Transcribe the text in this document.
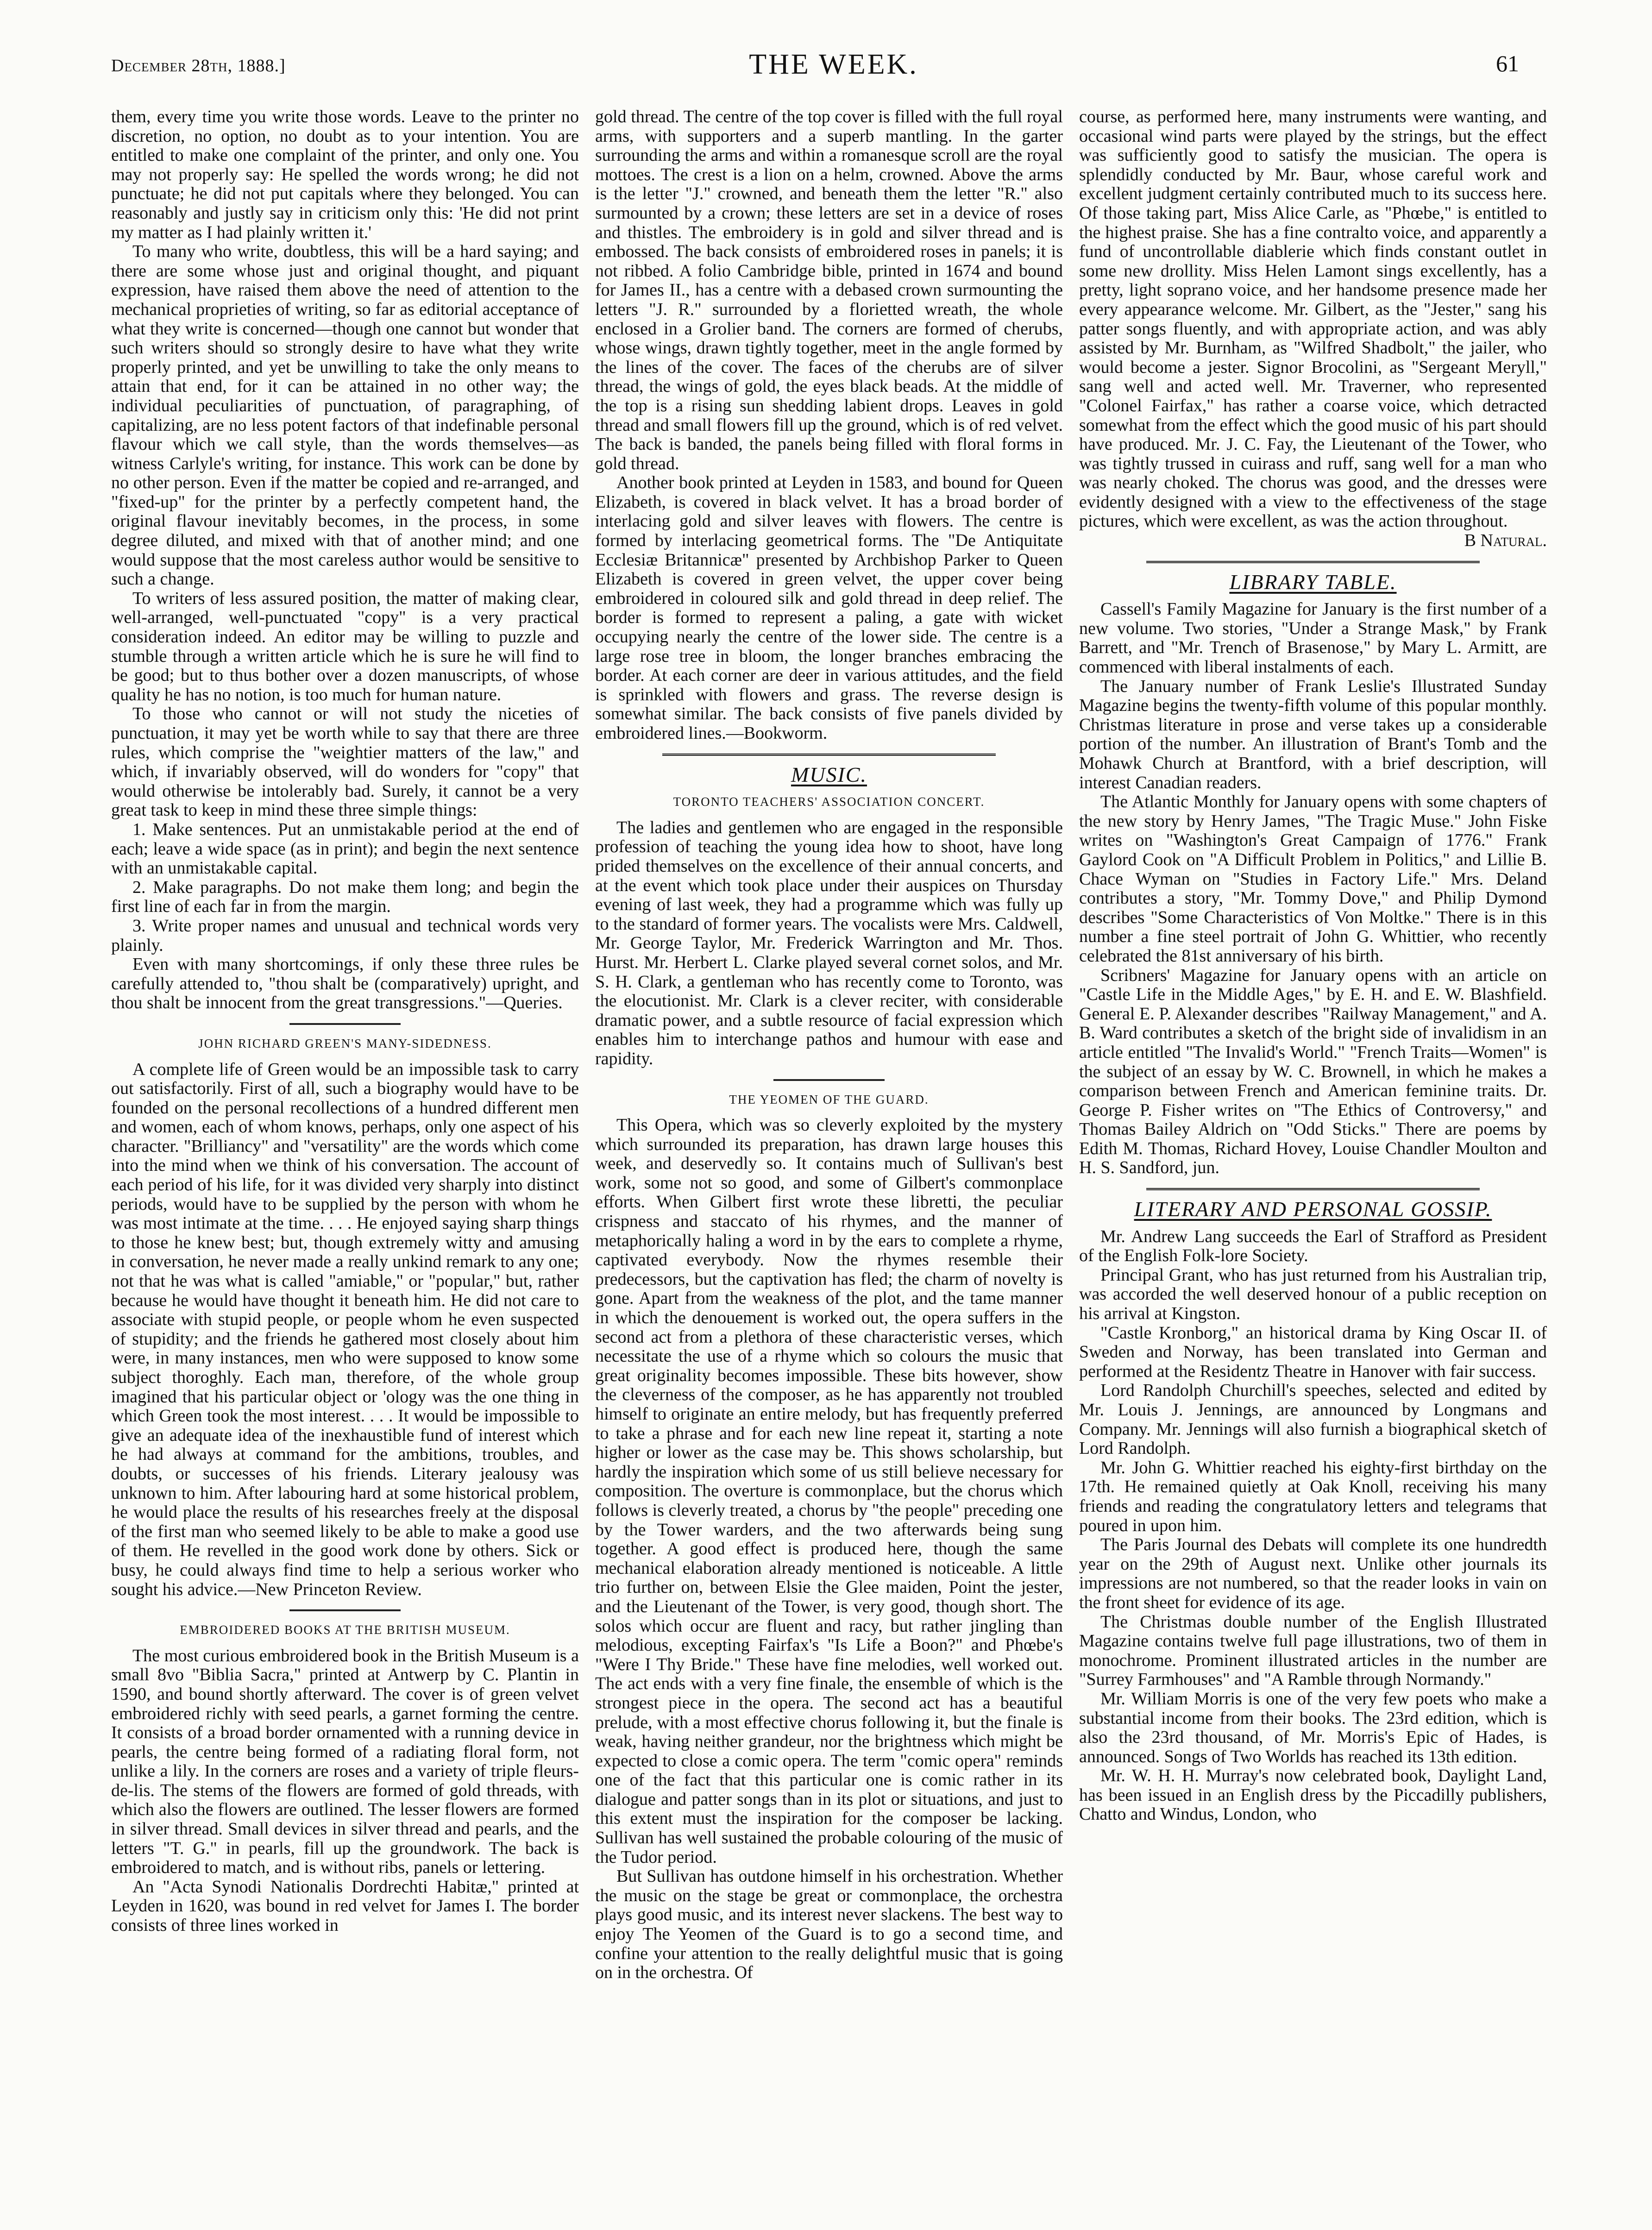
December 28th, 1888.]	THE WEEK.	61

them, every time you write those words. Leave to the printer no discretion, no option, no doubt as to your intention. You are entitled to make one complaint of the printer, and only one. You may not properly say: He spelled the words wrong; he did not punctuate; he did not put capitals where they belonged. You can reasonably and justly say in criticism only this: 'He did not print my matter as I had plainly written it.'

To many who write, doubtless, this will be a hard saying; and there are some whose just and original thought, and piquant expression, have raised them above the need of attention to the mechanical proprieties of writing, so far as editorial acceptance of what they write is concerned—though one cannot but wonder that such writers should so strongly desire to have what they write properly printed, and yet be unwilling to take the only means to attain that end, for it can be attained in no other way; the individual peculiarities of punctuation, of paragraphing, of capitalizing, are no less potent factors of that indefinable personal flavour which we call style, than the words themselves—as witness Carlyle's writing, for instance. This work can be done by no other person. Even if the matter be copied and re-arranged, and "fixed-up" for the printer by a perfectly competent hand, the original flavour inevitably becomes, in the process, in some degree diluted, and mixed with that of another mind; and one would suppose that the most careless author would be sensitive to such a change.

To writers of less assured position, the matter of making clear, well-arranged, well-punctuated "copy" is a very practical consideration indeed. An editor may be willing to puzzle and stumble through a written article which he is sure he will find to be good; but to thus bother over a dozen manuscripts, of whose quality he has no notion, is too much for human nature.

To those who cannot or will not study the niceties of punctuation, it may yet be worth while to say that there are three rules, which comprise the "weightier matters of the law," and which, if invariably observed, will do wonders for "copy" that would otherwise be intolerably bad. Surely, it cannot be a very great task to keep in mind these three simple things:

1. Make sentences. Put an unmistakable period at the end of each; leave a wide space (as in print); and begin the next sentence with an unmistakable capital.

2. Make paragraphs. Do not make them long; and begin the first line of each far in from the margin.

3. Write proper names and unusual and technical words very plainly.

Even with many shortcomings, if only these three rules be carefully attended to, "thou shalt be (comparatively) upright, and thou shalt be innocent from the great transgressions."—Queries.

JOHN RICHARD GREEN'S MANY-SIDEDNESS.

A complete life of Green would be an impossible task to carry out satisfactorily. First of all, such a biography would have to be founded on the personal recollections of a hundred different men and women, each of whom knows, perhaps, only one aspect of his character. "Brilliancy" and "versatility" are the words which come into the mind when we think of his conversation. The account of each period of his life, for it was divided very sharply into distinct periods, would have to be supplied by the person with whom he was most intimate at the time. . . . He enjoyed saying sharp things to those he knew best; but, though extremely witty and amusing in conversation, he never made a really unkind remark to any one; not that he was what is called "amiable," or "popular," but, rather because he would have thought it beneath him. He did not care to associate with stupid people, or people whom he even suspected of stupidity; and the friends he gathered most closely about him were, in many instances, men who were supposed to know some subject thoroghly. Each man, therefore, of the whole group imagined that his particular object or 'ology was the one thing in which Green took the most interest. . . . It would be impossible to give an adequate idea of the inexhaustible fund of interest which he had always at command for the ambitions, troubles, and doubts, or successes of his friends. Literary jealousy was unknown to him. After labouring hard at some historical problem, he would place the results of his researches freely at the disposal of the first man who seemed likely to be able to make a good use of them. He revelled in the good work done by others. Sick or busy, he could always find time to help a serious worker who sought his advice.—New Princeton Review.

EMBROIDERED BOOKS AT THE BRITISH MUSEUM.

The most curious embroidered book in the British Museum is a small 8vo "Biblia Sacra," printed at Antwerp by C. Plantin in 1590, and bound shortly afterward. The cover is of green velvet embroidered richly with seed pearls, a garnet forming the centre. It consists of a broad border ornamented with a running device in pearls, the centre being formed of a radiating floral form, not unlike a lily. In the corners are roses and a variety of triple fleurs-de-lis. The stems of the flowers are formed of gold threads, with which also the flowers are outlined. The lesser flowers are formed in silver thread. Small devices in silver thread and pearls, and the letters "T. G." in pearls, fill up the groundwork. The back is embroidered to match, and is without ribs, panels or lettering.

An "Acta Synodi Nationalis Dordrechti Habitæ," printed at Leyden in 1620, was bound in red velvet for James I. The border consists of three lines worked in

gold thread. The centre of the top cover is filled with the full royal arms, with supporters and a superb mantling. In the garter surrounding the arms and within a romanesque scroll are the royal mottoes. The crest is a lion on a helm, crowned. Above the arms is the letter "J." crowned, and beneath them the letter "R." also surmounted by a crown; these letters are set in a device of roses and thistles. The embroidery is in gold and silver thread and is embossed. The back consists of embroidered roses in panels; it is not ribbed. A folio Cambridge bible, printed in 1674 and bound for James II., has a centre with a debased crown surmounting the letters "J. R." surrounded by a florietted wreath, the whole enclosed in a Grolier band. The corners are formed of cherubs, whose wings, drawn tightly together, meet in the angle formed by the lines of the cover. The faces of the cherubs are of silver thread, the wings of gold, the eyes black beads. At the middle of the top is a rising sun shedding labient drops. Leaves in gold thread and small flowers fill up the ground, which is of red velvet. The back is banded, the panels being filled with floral forms in gold thread.

Another book printed at Leyden in 1583, and bound for Queen Elizabeth, is covered in black velvet. It has a broad border of interlacing gold and silver leaves with flowers. The centre is formed by interlacing geometrical forms. The "De Antiquitate Ecclesiæ Britannicæ" presented by Archbishop Parker to Queen Elizabeth is covered in green velvet, the upper cover being embroidered in coloured silk and gold thread in deep relief. The border is formed to represent a paling, a gate with wicket occupying nearly the centre of the lower side. The centre is a large rose tree in bloom, the longer branches embracing the border. At each corner are deer in various attitudes, and the field is sprinkled with flowers and grass. The reverse design is somewhat similar. The back consists of five panels divided by embroidered lines.—Bookworm.

MUSIC.
TORONTO TEACHERS' ASSOCIATION CONCERT.

The ladies and gentlemen who are engaged in the responsible profession of teaching the young idea how to shoot, have long prided themselves on the excellence of their annual concerts, and at the event which took place under their auspices on Thursday evening of last week, they had a programme which was fully up to the standard of former years. The vocalists were Mrs. Caldwell, Mr. George Taylor, Mr. Frederick Warrington and Mr. Thos. Hurst. Mr. Herbert L. Clarke played several cornet solos, and Mr. S. H. Clark, a gentleman who has recently come to Toronto, was the elocutionist. Mr. Clark is a clever reciter, with considerable dramatic power, and a subtle resource of facial expression which enables him to interchange pathos and humour with ease and rapidity.

THE YEOMEN OF THE GUARD.

This Opera, which was so cleverly exploited by the mystery which surrounded its preparation, has drawn large houses this week, and deservedly so. It contains much of Sullivan's best work, some not so good, and some of Gilbert's commonplace efforts. When Gilbert first wrote these libretti, the peculiar crispness and staccato of his rhymes, and the manner of metaphorically haling a word in by the ears to complete a rhyme, captivated everybody. Now the rhymes resemble their predecessors, but the captivation has fled; the charm of novelty is gone. Apart from the weakness of the plot, and the tame manner in which the denouement is worked out, the opera suffers in the second act from a plethora of these characteristic verses, which necessitate the use of a rhyme which so colours the music that great originality becomes impossible. These bits however, show the cleverness of the composer, as he has apparently not troubled himself to originate an entire melody, but has frequently preferred to take a phrase and for each new line repeat it, starting a note higher or lower as the case may be. This shows scholarship, but hardly the inspiration which some of us still believe necessary for composition. The overture is commonplace, but the chorus which follows is cleverly treated, a chorus by "the people" preceding one by the Tower warders, and the two afterwards being sung together. A good effect is produced here, though the same mechanical elaboration already mentioned is noticeable. A little trio further on, between Elsie the Glee maiden, Point the jester, and the Lieutenant of the Tower, is very good, though short. The solos which occur are fluent and racy, but rather jingling than melodious, excepting Fairfax's "Is Life a Boon?" and Phœbe's "Were I Thy Bride." These have fine melodies, well worked out. The act ends with a very fine finale, the ensemble of which is the strongest piece in the opera. The second act has a beautiful prelude, with a most effective chorus following it, but the finale is weak, having neither grandeur, nor the brightness which might be expected to close a comic opera. The term "comic opera" reminds one of the fact that this particular one is comic rather in its dialogue and patter songs than in its plot or situations, and just to this extent must the inspiration for the composer be lacking. Sullivan has well sustained the probable colouring of the music of the Tudor period.

But Sullivan has outdone himself in his orchestration. Whether the music on the stage be great or commonplace, the orchestra plays good music, and its interest never slackens. The best way to enjoy The Yeomen of the Guard is to go a second time, and confine your attention to the really delightful music that is going on in the orchestra. Of

course, as performed here, many instruments were wanting, and occasional wind parts were played by the strings, but the effect was sufficiently good to satisfy the musician. The opera is splendidly conducted by Mr. Baur, whose careful work and excellent judgment certainly contributed much to its success here. Of those taking part, Miss Alice Carle, as "Phœbe," is entitled to the highest praise. She has a fine contralto voice, and apparently a fund of uncontrollable diablerie which finds constant outlet in some new drollity. Miss Helen Lamont sings excellently, has a pretty, light soprano voice, and her handsome presence made her every appearance welcome. Mr. Gilbert, as the "Jester," sang his patter songs fluently, and with appropriate action, and was ably assisted by Mr. Burnham, as "Wilfred Shadbolt," the jailer, who would become a jester. Signor Brocolini, as "Sergeant Meryll," sang well and acted well. Mr. Traverner, who represented "Colonel Fairfax," has rather a coarse voice, which detracted somewhat from the effect which the good music of his part should have produced. Mr. J. C. Fay, the Lieutenant of the Tower, who was tightly trussed in cuirass and ruff, sang well for a man who was nearly choked. The chorus was good, and the dresses were evidently designed with a view to the effectiveness of the stage pictures, which were excellent, as was the action throughout.

B Natural.
LIBRARY TABLE.

Cassell's Family Magazine for January is the first number of a new volume. Two stories, "Under a Strange Mask," by Frank Barrett, and "Mr. Trench of Brasenose," by Mary L. Armitt, are commenced with liberal instalments of each.

The January number of Frank Leslie's Illustrated Sunday Magazine begins the twenty-fifth volume of this popular monthly. Christmas literature in prose and verse takes up a considerable portion of the number. An illustration of Brant's Tomb and the Mohawk Church at Brantford, with a brief description, will interest Canadian readers.

The Atlantic Monthly for January opens with some chapters of the new story by Henry James, "The Tragic Muse." John Fiske writes on "Washington's Great Campaign of 1776." Frank Gaylord Cook on "A Difficult Problem in Politics," and Lillie B. Chace Wyman on "Studies in Factory Life." Mrs. Deland contributes a story, "Mr. Tommy Dove," and Philip Dymond describes "Some Characteristics of Von Moltke." There is in this number a fine steel portrait of John G. Whittier, who recently celebrated the 81st anniversary of his birth.

Scribners' Magazine for January opens with an article on "Castle Life in the Middle Ages," by E. H. and E. W. Blashfield. General E. P. Alexander describes "Railway Management," and A. B. Ward contributes a sketch of the bright side of invalidism in an article entitled "The Invalid's World." "French Traits—Women" is the subject of an essay by W. C. Brownell, in which he makes a comparison between French and American feminine traits. Dr. George P. Fisher writes on "The Ethics of Controversy," and Thomas Bailey Aldrich on "Odd Sticks." There are poems by Edith M. Thomas, Richard Hovey, Louise Chandler Moulton and H. S. Sandford, jun.

LITERARY AND PERSONAL GOSSIP.

Mr. Andrew Lang succeeds the Earl of Strafford as President of the English Folk-lore Society.

Principal Grant, who has just returned from his Australian trip, was accorded the well deserved honour of a public reception on his arrival at Kingston.

"Castle Kronborg," an historical drama by King Oscar II. of Sweden and Norway, has been translated into German and performed at the Residentz Theatre in Hanover with fair success.

Lord Randolph Churchill's speeches, selected and edited by Mr. Louis J. Jennings, are announced by Longmans and Company. Mr. Jennings will also furnish a biographical sketch of Lord Randolph.

Mr. John G. Whittier reached his eighty-first birthday on the 17th. He remained quietly at Oak Knoll, receiving his many friends and reading the congratulatory letters and telegrams that poured in upon him.

The Paris Journal des Debats will complete its one hundredth year on the 29th of August next. Unlike other journals its impressions are not numbered, so that the reader looks in vain on the front sheet for evidence of its age.

The Christmas double number of the English Illustrated Magazine contains twelve full page illustrations, two of them in monochrome. Prominent illustrated articles in the number are "Surrey Farmhouses" and "A Ramble through Normandy."

Mr. William Morris is one of the very few poets who make a substantial income from their books. The 23rd edition, which is also the 23rd thousand, of Mr. Morris's Epic of Hades, is announced. Songs of Two Worlds has reached its 13th edition.

Mr. W. H. H. Murray's now celebrated book, Daylight Land, has been issued in an English dress by the Piccadilly publishers, Chatto and Windus, London, who
